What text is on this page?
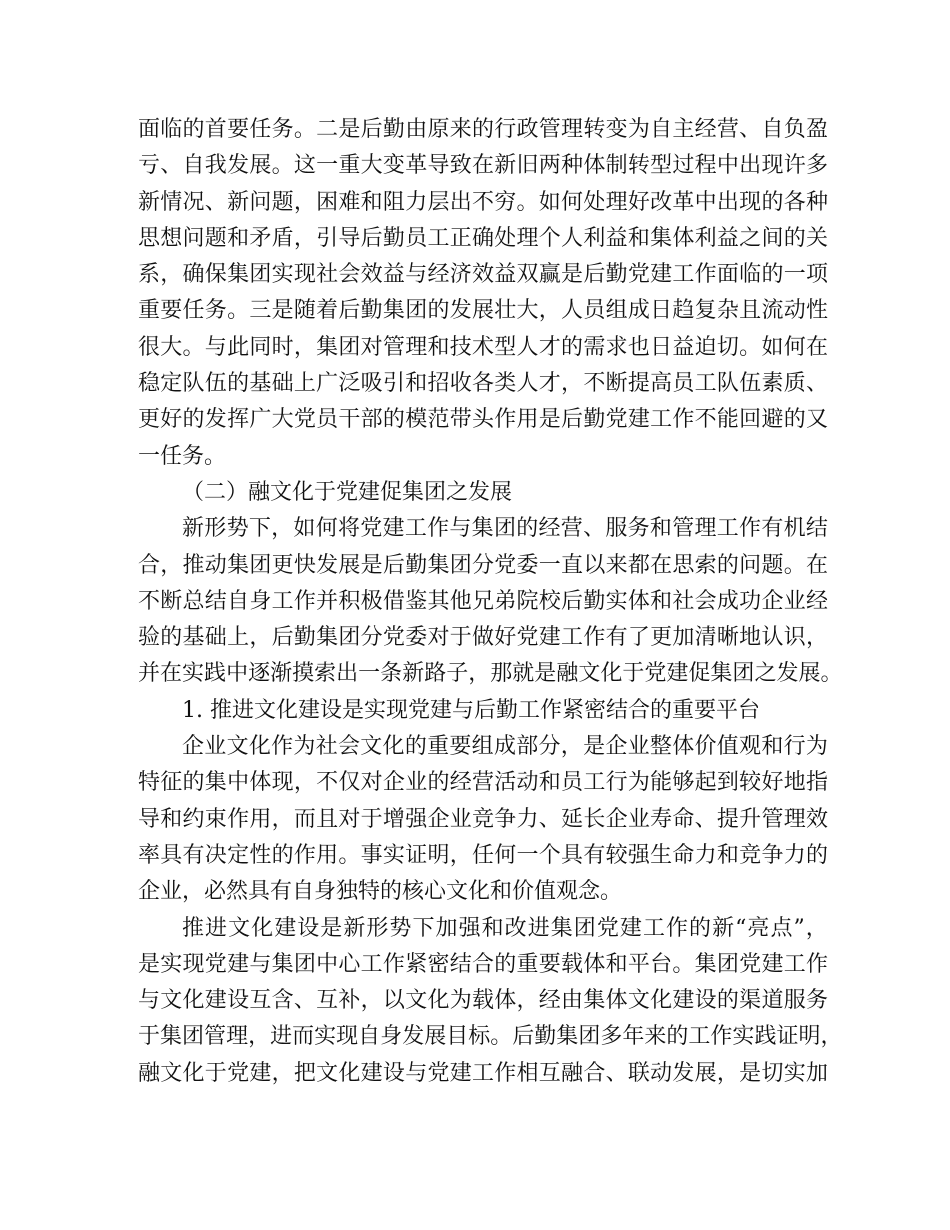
面 临 的 首 要 任 务 。 二 是 后 勤 由 原 来 的 行 政 管 理 转 变 为 自 主 经 营 、 自 负 盈
亏 、 自 我 发 展 。 这 一 重 大 变 革 导 致 在 新 旧 两 种 体 制 转 型 过 程 中 出 现 许 多
新 情 况 、 新 问 题 ， 困 难 和 阻 力 层 出 不 穷 。 如 何 处 理 好 改 革 中 出 现 的 各 种
思 想 问 题 和 矛 盾 ， 引 导 后 勤 员 工 正 确 处 理 个 人 利 益 和 集 体 利 益 之 间 的 关
系 ， 确 保 集 团 实 现 社 会 效 益 与 经 济 效 益 双 赢 是 后 勤 党 建 工 作 面 临 的 一 项
重 要 任 务 。 三 是 随 着 后 勤 集 团 的 发 展 壮 大 ， 人 员 组 成 日 趋 复 杂 且 流 动 性
很 大 。 与 此 同 时 ， 集 团 对 管 理 和 技 术 型 人 才 的 需 求 也 日 益 迫 切 。 如 何 在
稳 定 队 伍 的 基 础 上 广 泛 吸 引 和 招 收 各 类 人 才 ， 不 断 提 高 员 工 队 伍 素 质 、
更 好 的 发 挥 广 大 党 员 干 部 的 模 范 带 头 作 用 是 后 勤 党 建 工 作 不 能 回 避 的 又
一任务。
（二）融文化于党建促集团之发展
新 形 势 下 ， 如 何 将 党 建 工 作 与 集 团 的 经 营 、 服 务 和 管 理 工 作 有 机 结
合 ， 推 动 集 团 更 快 发 展 是 后 勤 集 团 分 党 委 一 直 以 来 都 在 思 索 的 问 题 。 在
不 断 总 结 自 身 工 作 并 积 极 借 鉴 其 他 兄 弟 院 校 后 勤 实 体 和 社 会 成 功 企 业 经
验 的 基 础 上 ， 后 勤 集 团 分 党 委 对 于 做 好 党 建 工 作 有 了 更 加 清 晰 地 认 识 ，
并 在 实 践 中 逐 渐 摸 索 出 一 条 新 路 子 ， 那 就 是 融 文 化 于 党 建 促 集 团 之 发 展 。
1. 推进文化建设是实现党建与后勤工作紧密结合的重要平台
企 业 文 化 作 为 社 会 文 化 的 重 要 组 成 部 分 ， 是 企 业 整 体 价 值 观 和 行 为
特 征 的 集 中 体 现 ， 不 仅 对 企 业 的 经 营 活 动 和 员 工 行 为 能 够 起 到 较 好 地 指
导 和 约 束 作 用 ， 而 且 对 于 增 强 企 业 竞 争 力 、 延 长 企 业 寿 命 、 提 升 管 理 效
率 具 有 决 定 性 的 作 用 。 事 实 证 明 ， 任 何 一 个 具 有 较 强 生 命 力 和 竞 争 力 的
企业，必然具有自身独特的核心文化和价值观念。
推 进 文 化 建 设 是 新 形 势 下 加 强 和 改 进 集 团 党 建 工 作 的 新 “ 亮 点 ” ，
是 实 现 党 建 与 集 团 中 心 工 作 紧 密 结 合 的 重 要 载 体 和 平 台 。 集 团 党 建 工 作
与 文 化 建 设 互 含 、 互 补 ， 以 文 化 为 载 体 ， 经 由 集 体 文 化 建 设 的 渠 道 服 务
于 集 团 管 理 ， 进 而 实 现 自 身 发 展 目 标 。 后 勤 集 团 多 年 来 的 工 作 实 践 证 明 ，
融 文 化 于 党 建 ， 把 文 化 建 设 与 党 建 工 作 相 互 融 合 、 联 动 发 展 ， 是 切 实 加
